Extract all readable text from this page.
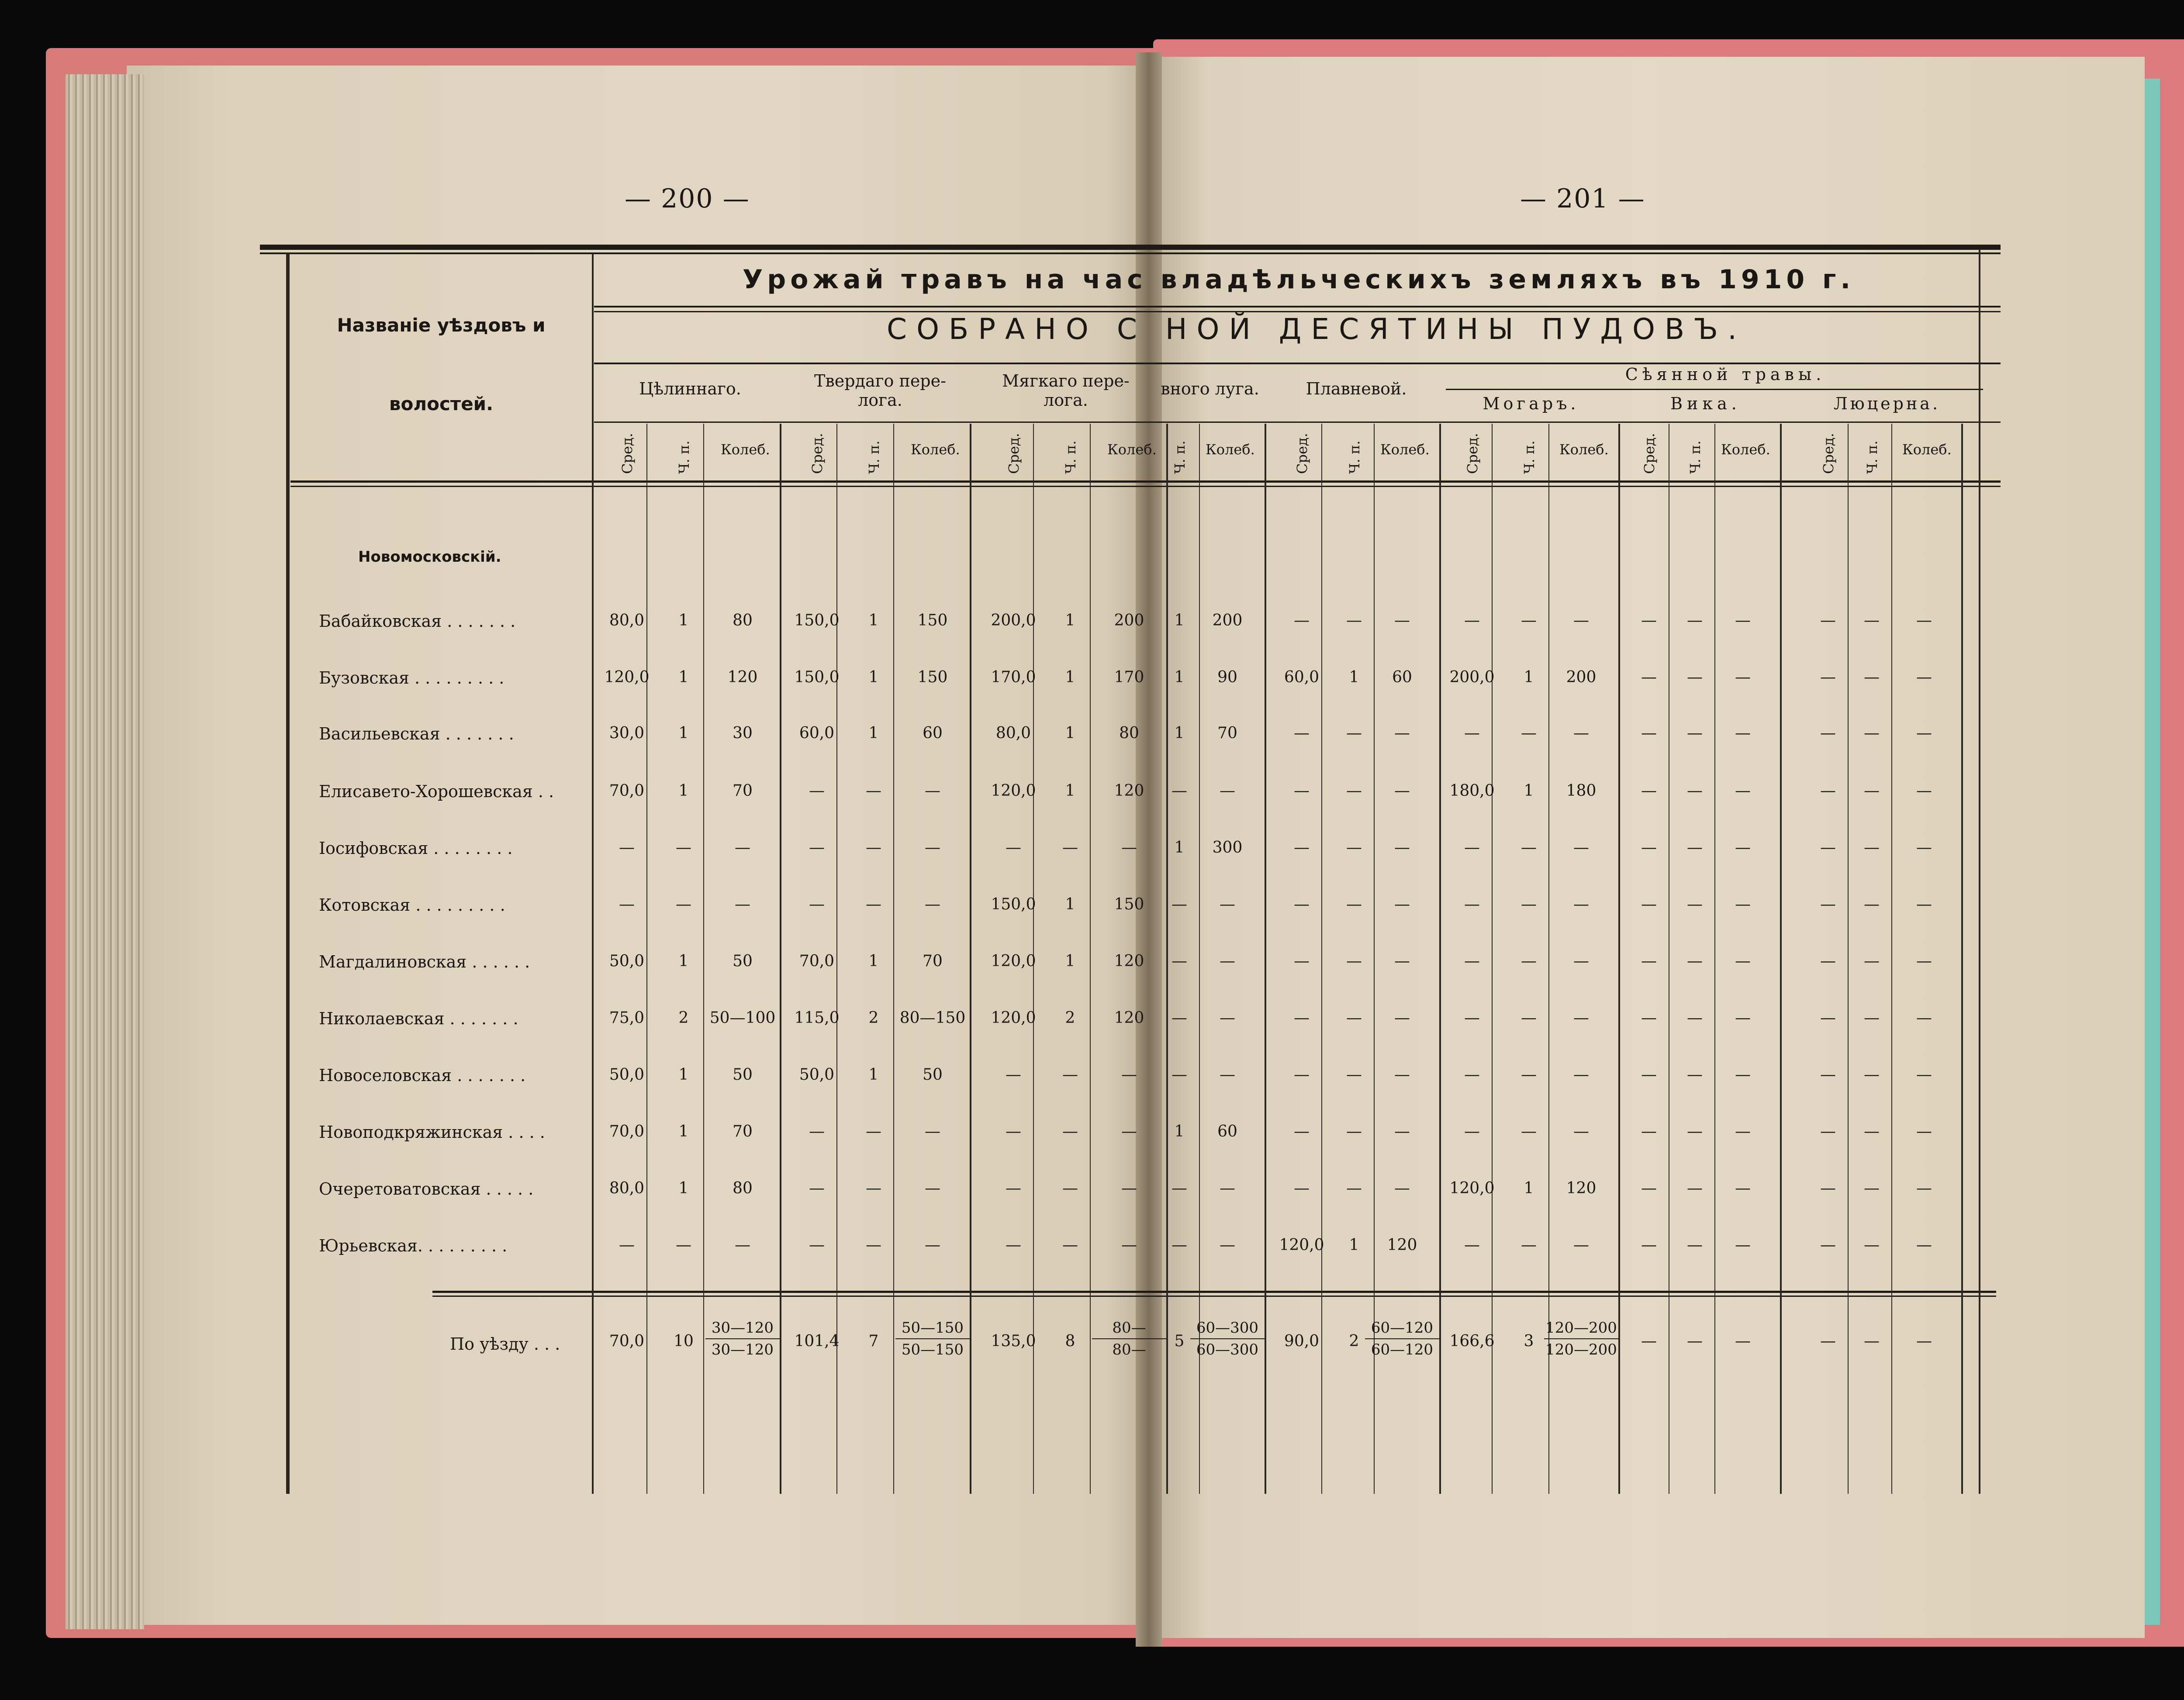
— 200 —	— 201 —
Урожай травъ на час владѣльческихъ земляхъ въ 1910 г.
СОБРАНО С НОЙ ДЕСЯТИНЫ ПУДОВЪ.
Названіе уѣздовъ и
волостей.
Цѣлиннаго.	Твердаго пере-
лога.
Мягкаго пере-
лога.
вного луга.	Плавневой.
Сѣянной травы.
Могаръ.	Вика.	Люцерна.
Сред.	Ч. п. Колеб.	Сред.	Ч. п. Колеб.	Сред.	Ч. п. Колеб. Ч. п. Колеб.	Сред.	Ч. п. Колеб. Сред.	Ч. п. Колеб. Сред. Ч. п. Колеб.	Сред. Ч. п. Колеб.
Новомосковскій.
Бабайковская . . . . . . .	80,0	1	80	150,0	1	150	200,0	1	200	1	200	—	—	—	—	—	—	—	—	—	—	—	—
Бузовская . . . . . . . . .	120,0	1	120	150,0	1	150	170,0	1	170	1	90	60,0	1	60	200,0	1	200	—	—	—	—	—	—
Васильевская . . . . . . .	30,0	1	30	60,0	1	60	80,0	1	80	1	70	—	—	—	—	—	—	—	—	—	—	—	—
Елисавето-Хорошевская . .	70,0	1	70	—	—	—	120,0	1	120	—	—	—	—	—	180,0	1	180	—	—	—	—	—	—
Іосифовская . . . . . . . .	—	—	—	—	—	—	—	—	—	1	300	—	—	—	—	—	—	—	—	—	—	—	—
Котовская . . . . . . . . .	—	—	—	—	—	—	150,0	1	150	—	—	—	—	—	—	—	—	—	—	—	—	—	—
Магдалиновская . . . . . .	50,0	1	50	70,0	1	70	120,0	1	120	—	—	—	—	—	—	—	—	—	—	—	—	—	—
Николаевская . . . . . . .	75,0	2	50—100	115,0	2	80—150	120,0	2	120	—	—	—	—	—	—	—	—	—	—	—	—	—	—
Новоселовская . . . . . . .	50,0	1	50	50,0	1	50	—	—	—	—	—	—	—	—	—	—	—	—	—	—	—	—	—
Новоподкряжинская . . . .	70,0	1	70	—	—	—	—	—	—	1	60	—	—	—	—	—	—	—	—	—	—	—	—
Очеретоватовская . . . . .	80,0	1	80	—	—	—	—	—	—	—	—	—	—	—	120,0	1	120	—	—	—	—	—	—
Юрьевская. . . . . . . . .	—	—	—	—	—	—	—	—	—	—	—	120,0	1	120	—	—	—	—	—	—	—	—	—
По уѣзду . . .	70,0	10
30—120
30—120	101,4	7
50—150
50—150	135,0	8
80—
80—	5
60—300
60—300	90,0	2
60—120
60—120	166,6	3
120—200
120—200	—	—	—	—	—	—
